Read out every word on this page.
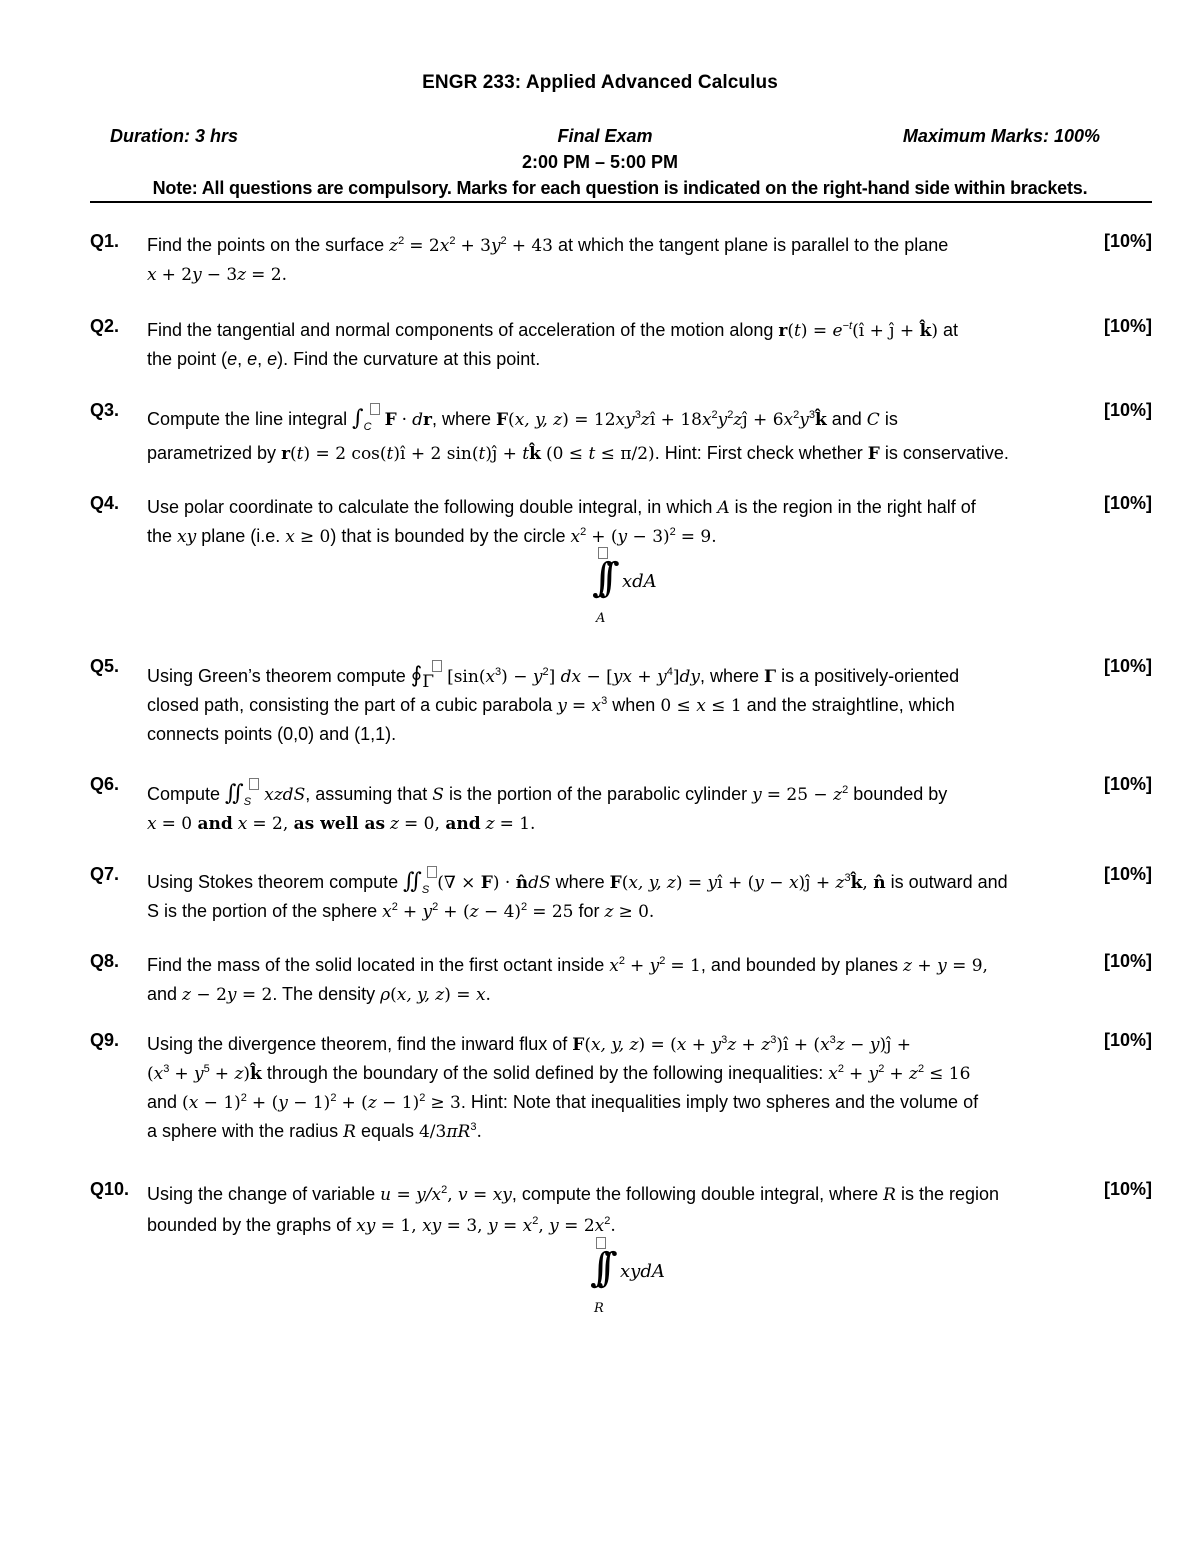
ENGR 233: Applied Advanced Calculus
Duration: 3 hrs	Final Exam	Maximum Marks: 100%
2:00 PM – 5:00 PM
Note: All questions are compulsory. Marks for each question is indicated on the right-hand side within brackets.
Q1. Find the points on the surface $z^2 = 2x^2 + 3y^2 + 43$ at which the tangent plane is parallel to the plane
x + 2y − 3z = 2.
[10%]
Q2. Find the tangential and normal components of acceleration of the motion along $r(t) = e^{-t}(î$ + ĵ + k̂) at
the point (e, e, e). Find the curvature at this point.
[10%]
Q3. Compute the line integral $\int_C$ F · dr, where F(x, y, $z) = 12xy^3zî$ + $18x^2y^2zĵ$ + $6x^2y^3k̂$ and C is
parametrized by r(t) = 2 cos(t)î + 2 sin(t)ĵ + tk̂ (0 ≤ t ≤ π/2). Hint: First check whether F is conservative.
[10%]
Q4. Use polar coordinate to calculate the following double integral, in which A is the region in the right half of
the xy plane (i.e. x ≥ 0) that is bounded by the circle $x^2 + (y - 3)^2 = 9$.
[10%]
∫∫ xdA
A
Q5. Using Green’s theorem compute $∮_\Gamma$ $[\sin(x^3) - y^2]$ dx − $[yx + y^4]dy$, where Γ is a positively-oriented
closed path, consisting the part of a cubic parabola $y = x^3$ when 0 ≤ x ≤ 1 and the straightline, which
connects points (0,0) and (1,1).
[10%]
Q6. Compute $∬_S$ xzdS, assuming that S is the portion of the parabolic cylinder $y = 25 - z^2$ bounded by
x = 0 and x = 2, as well as z = 0, and z = 1.
[10%]
Q7. Using Stokes theorem compute $∬_S$ (∇ × F) · n̂dS where F(x, y, z) = yî + (y − x)ĵ + $z^3k̂$, n̂ is outward and
S is the portion of the sphere $x^2 + y^2 + (z - 4)^2 = 25$ for z ≥ 0.
[10%]
Q8. Find the mass of the solid located in the first octant inside $x^2 + y^2 = 1$, and bounded by planes z + y = 9,
and z − 2y = 2. The density ρ(x, y, z) = x.
[10%]
Q9. Using the divergence theorem, find the inward flux of F(x, y, $z) = (x + y^3z$ + $z^3)î + (x^3z$ − y)ĵ +
($x^3 + y^5$ + z)k̂ through the boundary of the solid defined by the following inequalities: $x^2 + y^2 + z^2 \le 16$
and $(x - 1)^2 + (y - 1)^2 + (z - 1)^2 \ge 3$. Hint: Note that inequalities imply two spheres and the volume of
a sphere with the radius R equals $4/3\pi R^3$.
[10%]
Q10. Using the change of variable $u = y/x^2$, v = xy, compute the following double integral, where R is the region
bounded by the graphs of xy = 1, xy = 3, $y = x^2$, $y = 2x^2$.
[10%]
∫∫ xydA
R
